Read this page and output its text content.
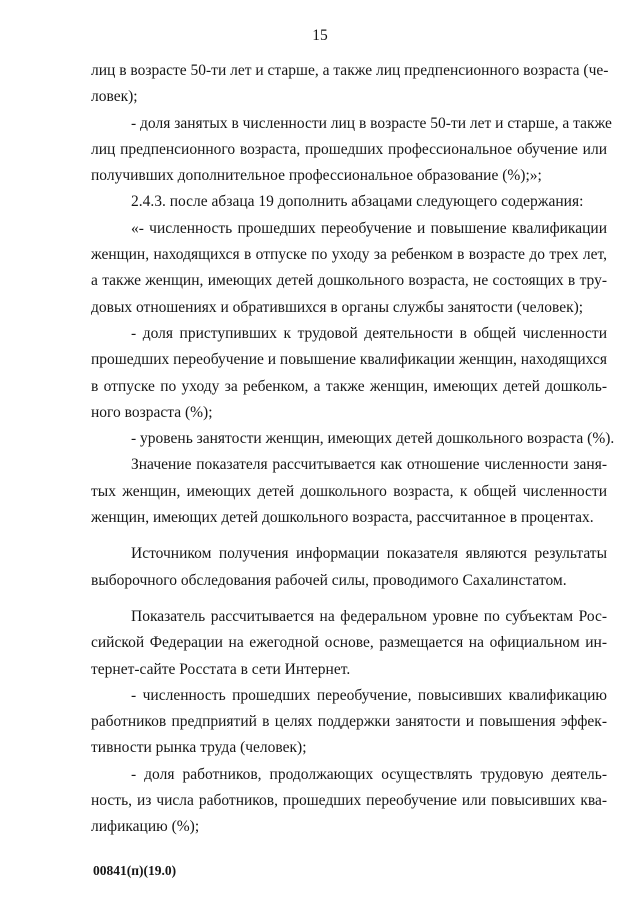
15
лиц в возрасте 50-ти лет и старше, а также лиц предпенсионного возраста (че-
ловек);
- доля занятых в численности лиц в возрасте 50-ти лет и старше, а также
лиц предпенсионного возраста, прошедших профессиональное обучение или
получивших дополнительное профессиональное образование (%);»;
2.4.3. после абзаца 19 дополнить абзацами следующего содержания:
«- численность прошедших переобучение и повышение квалификации
женщин, находящихся в отпуске по уходу за ребенком в возрасте до трех лет,
а также женщин, имеющих детей дошкольного возраста, не состоящих в тру-
довых отношениях и обратившихся в органы службы занятости (человек);
- доля приступивших к трудовой деятельности в общей численности
прошедших переобучение и повышение квалификации женщин, находящихся
в отпуске по уходу за ребенком, а также женщин, имеющих детей дошколь-
ного возраста (%);
- уровень занятости женщин, имеющих детей дошкольного возраста (%).
Значение показателя рассчитывается как отношение численности заня-
тых женщин, имеющих детей дошкольного возраста, к общей численности
женщин, имеющих детей дошкольного возраста, рассчитанное в процентах.
Источником получения информации показателя являются результаты
выборочного обследования рабочей силы, проводимого Сахалинстатом.
Показатель рассчитывается на федеральном уровне по субъектам Рос-
сийской Федерации на ежегодной основе, размещается на официальном ин-
тернет-сайте Росстата в сети Интернет.
- численность прошедших переобучение, повысивших квалификацию
работников предприятий в целях поддержки занятости и повышения эффек-
тивности рынка труда (человек);
- доля работников, продолжающих осуществлять трудовую деятель-
ность, из числа работников, прошедших переобучение или повысивших ква-
лификацию (%);
00841(п)(19.0)
